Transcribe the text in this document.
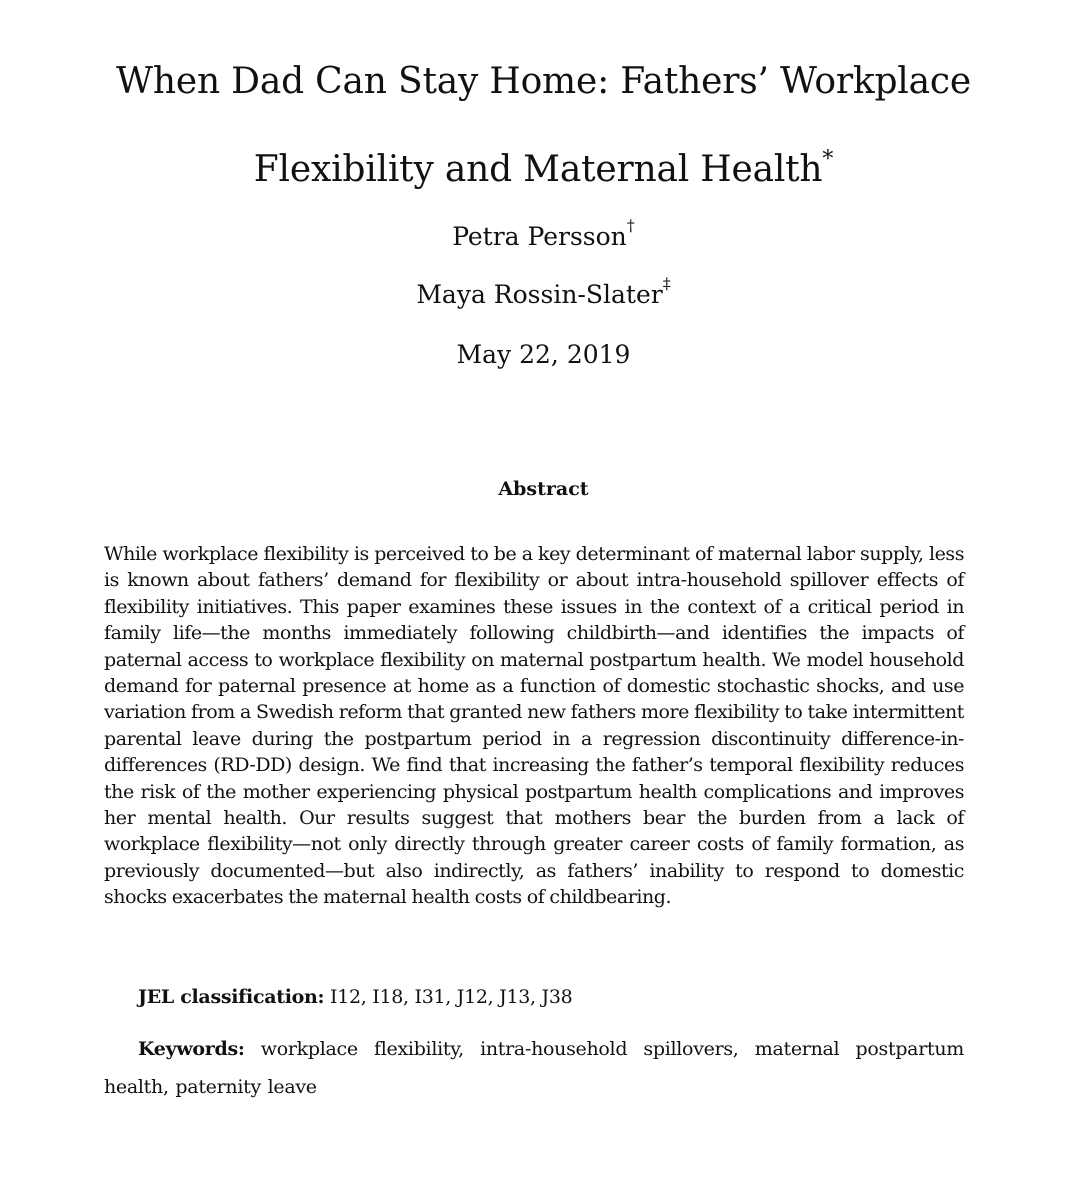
When Dad Can Stay Home: Fathers’ Workplace
Flexibility and Maternal Health*

Petra Persson†

Maya Rossin-Slater‡

May 22, 2019

Abstract

While workplace flexibility is perceived to be a key determinant of maternal labor supply, less is known about fathers’ demand for flexibility or about intra-household spillover effects of flexibility initiatives. This paper examines these issues in the context of a critical period in family life—the months immediately following childbirth—and identifies the impacts of paternal access to workplace flexibility on maternal postpartum health. We model household demand for paternal presence at home as a function of domestic stochastic shocks, and use variation from a Swedish reform that granted new fathers more flexibility to take intermittent parental leave during the postpartum period in a regression discontinuity difference-in-differences (RD-DD) design. We find that increasing the father’s temporal flexibility reduces the risk of the mother experiencing physical postpartum health complications and improves her mental health. Our results suggest that mothers bear the burden from a lack of workplace flexibility—not only directly through greater career costs of family formation, as previously documented—but also indirectly, as fathers’ inability to respond to domestic shocks exacerbates the maternal health costs of childbearing.

JEL classification: I12, I18, I31, J12, J13, J38

Keywords: workplace flexibility, intra-household spillovers, maternal postpartum health, paternity leave
